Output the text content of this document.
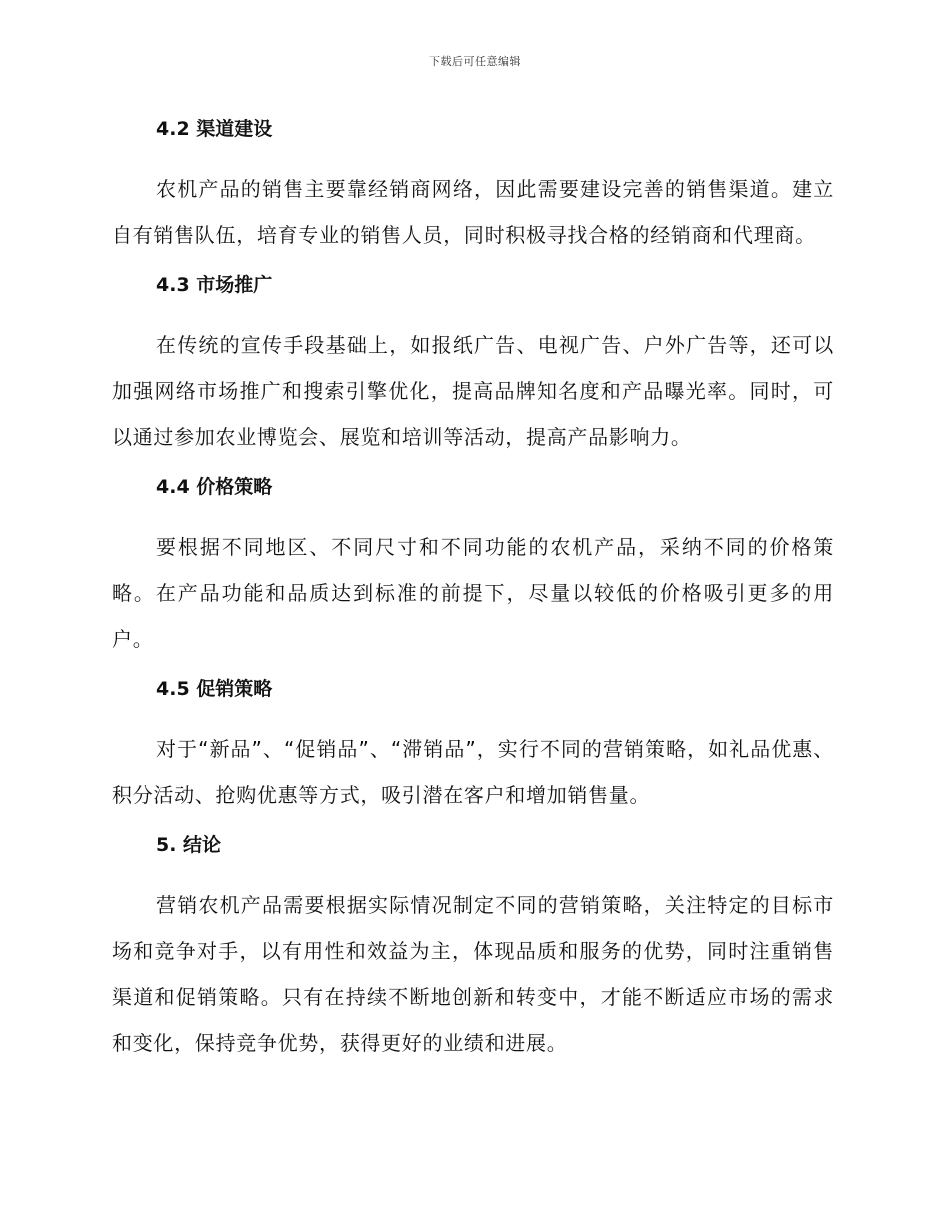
下载后可任意编辑
4.2 渠道建设

农机产品的销售主要靠经销商网络，因此需要建设完善的销售渠道。建立自有销售队伍，培育专业的销售人员，同时积极寻找合格的经销商和代理商。

4.3 市场推广

在传统的宣传手段基础上，如报纸广告、电视广告、户外广告等，还可以加强网络市场推广和搜索引擎优化，提高品牌知名度和产品曝光率。同时，可以通过参加农业博览会、展览和培训等活动，提高产品影响力。

4.4 价格策略

要根据不同地区、不同尺寸和不同功能的农机产品，采纳不同的价格策略。在产品功能和品质达到标准的前提下，尽量以较低的价格吸引更多的用户。

4.5 促销策略

对于“新品”、“促销品”、“滞销品”，实行不同的营销策略，如礼品优惠、积分活动、抢购优惠等方式，吸引潜在客户和增加销售量。

5. 结论

营销农机产品需要根据实际情况制定不同的营销策略，关注特定的目标市场和竞争对手，以有用性和效益为主，体现品质和服务的优势，同时注重销售渠道和促销策略。只有在持续不断地创新和转变中，才能不断适应市场的需求和变化，保持竞争优势，获得更好的业绩和进展。
